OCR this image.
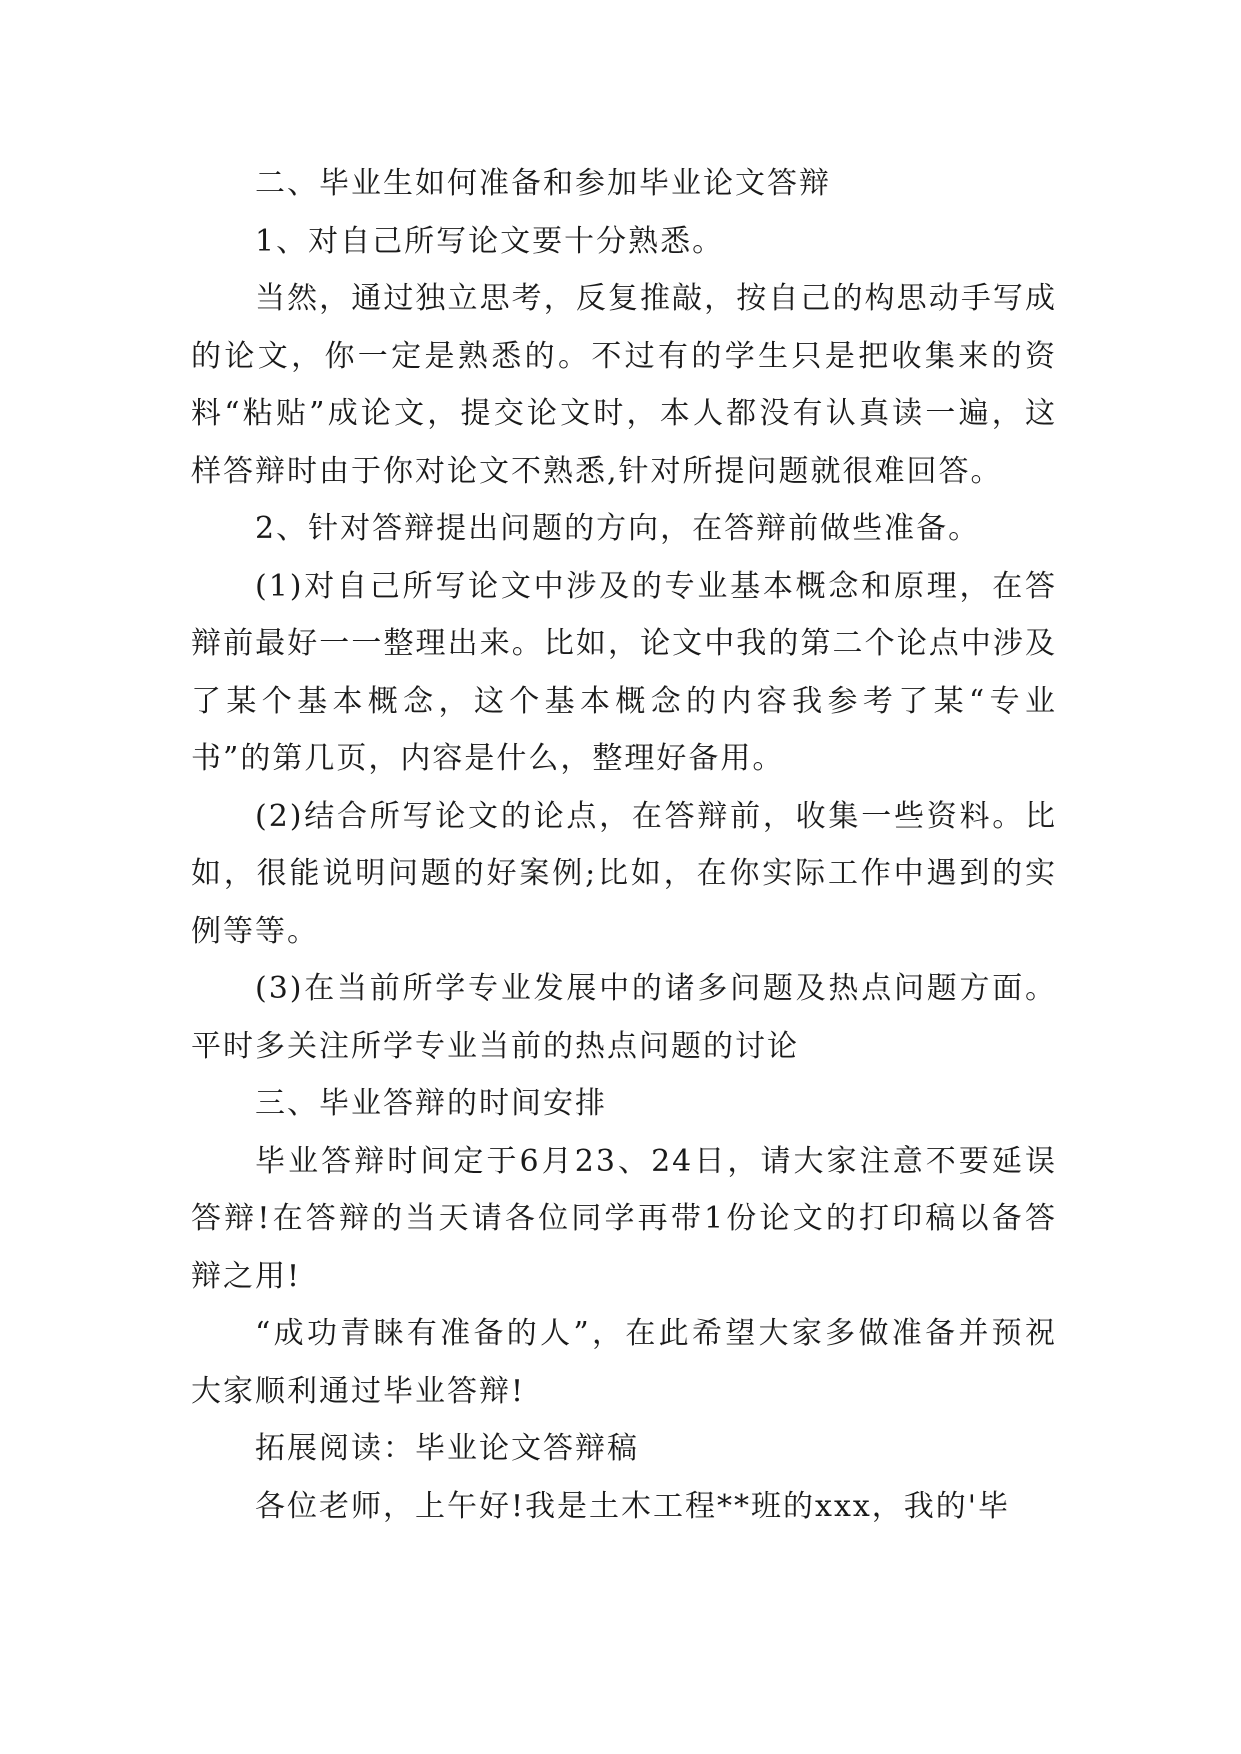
二、毕业生如何准备和参加毕业论文答辩

1、对自己所写论文要十分熟悉。

当然，通过独立思考，反复推敲，按自己的构思动手写成的论文，你一定是熟悉的。不过有的学生只是把收集来的资料“粘贴”成论文，提交论文时，本人都没有认真读一遍，这样答辩时由于你对论文不熟悉,针对所提问题就很难回答。

2、针对答辩提出问题的方向，在答辩前做些准备。

(1)对自己所写论文中涉及的专业基本概念和原理，在答辩前最好一一整理出来。比如，论文中我的第二个论点中涉及了某个基本概念，这个基本概念的内容我参考了某“专业书”的第几页，内容是什么，整理好备用。

(2)结合所写论文的论点，在答辩前，收集一些资料。比如，很能说明问题的好案例;比如，在你实际工作中遇到的实例等等。

(3)在当前所学专业发展中的诸多问题及热点问题方面。平时多关注所学专业当前的热点问题的讨论

三、毕业答辩的时间安排

毕业答辩时间定于6月23、24日，请大家注意不要延误答辩!在答辩的当天请各位同学再带1份论文的打印稿以备答辩之用!

“成功青睐有准备的人”，在此希望大家多做准备并预祝大家顺利通过毕业答辩!

拓展阅读：毕业论文答辩稿

各位老师，上午好!我是土木工程**班的xxx，我的'毕
